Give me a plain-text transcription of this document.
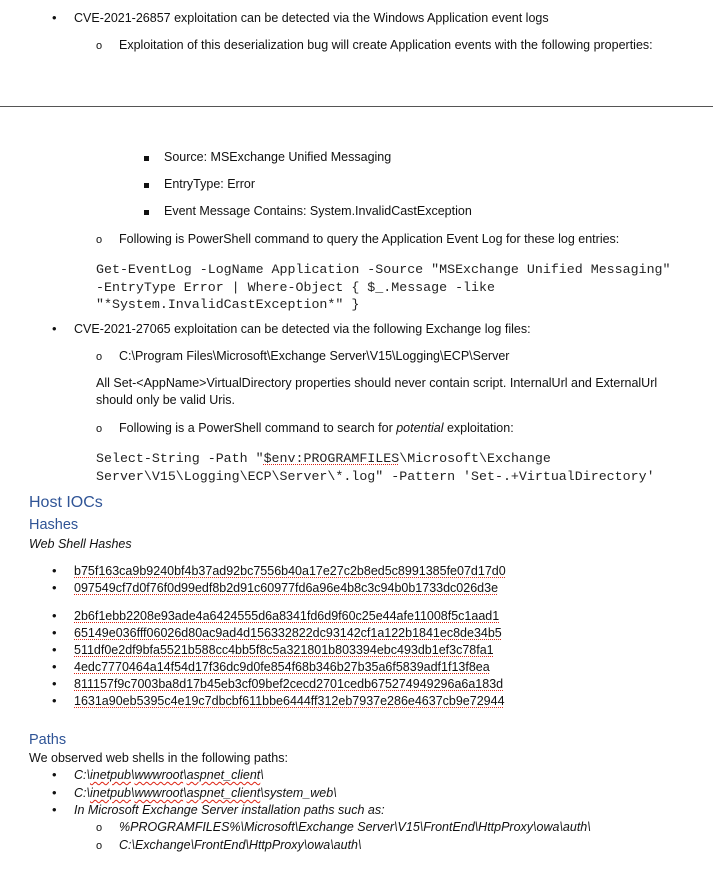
• CVE-2021-26857 exploitation can be detected via the Windows Application event logs
o Exploitation of this deserialization bug will create Application events with the following properties:
Source: MSExchange Unified Messaging
EntryType: Error
Event Message Contains: System.InvalidCastException
o Following is PowerShell command to query the Application Event Log for these log entries:
Get-EventLog -LogName Application -Source "MSExchange Unified Messaging"
-EntryType Error | Where-Object { $_.Message -like
"*System.InvalidCastException*" }
• CVE-2021-27065 exploitation can be detected via the following Exchange log files:
o C:\Program Files\Microsoft\Exchange Server\V15\Logging\ECP\Server
All Set-<AppName>VirtualDirectory properties should never contain script. InternalUrl and ExternalUrl
should only be valid Uris.
o Following is a PowerShell command to search for potential exploitation:
Select-String -Path "$env:PROGRAMFILES\Microsoft\Exchange
Server\V15\Logging\ECP\Server\*.log" -Pattern 'Set-.+VirtualDirectory'
Host IOCs
Hashes
Web Shell Hashes
• b75f163ca9b9240bf4b37ad92bc7556b40a17e27c2b8ed5c8991385fe07d17d0
• 097549cf7d0f76f0d99edf8b2d91c60977fd6a96e4b8c3c94b0b1733dc026d3e
• 2b6f1ebb2208e93ade4a6424555d6a8341fd6d9f60c25e44afe11008f5c1aad1
• 65149e036fff06026d80ac9ad4d156332822dc93142cf1a122b1841ec8de34b5
• 511df0e2df9bfa5521b588cc4bb5f8c5a321801b803394ebc493db1ef3c78fa1
• 4edc7770464a14f54d17f36dc9d0fe854f68b346b27b35a6f5839adf1f13f8ea
• 811157f9c7003ba8d17b45eb3cf09bef2cecd2701cedb675274949296a6a183d
• 1631a90eb5395c4e19c7dbcbf611bbe6444ff312eb7937e286e4637cb9e72944
Paths
We observed web shells in the following paths:
• C:\inetpub\wwwroot\aspnet_client\
• C:\inetpub\wwwroot\aspnet_client\system_web\
• In Microsoft Exchange Server installation paths such as:
o %PROGRAMFILES%\Microsoft\Exchange Server\V15\FrontEnd\HttpProxy\owa\auth\
o C:\Exchange\FrontEnd\HttpProxy\owa\auth\
